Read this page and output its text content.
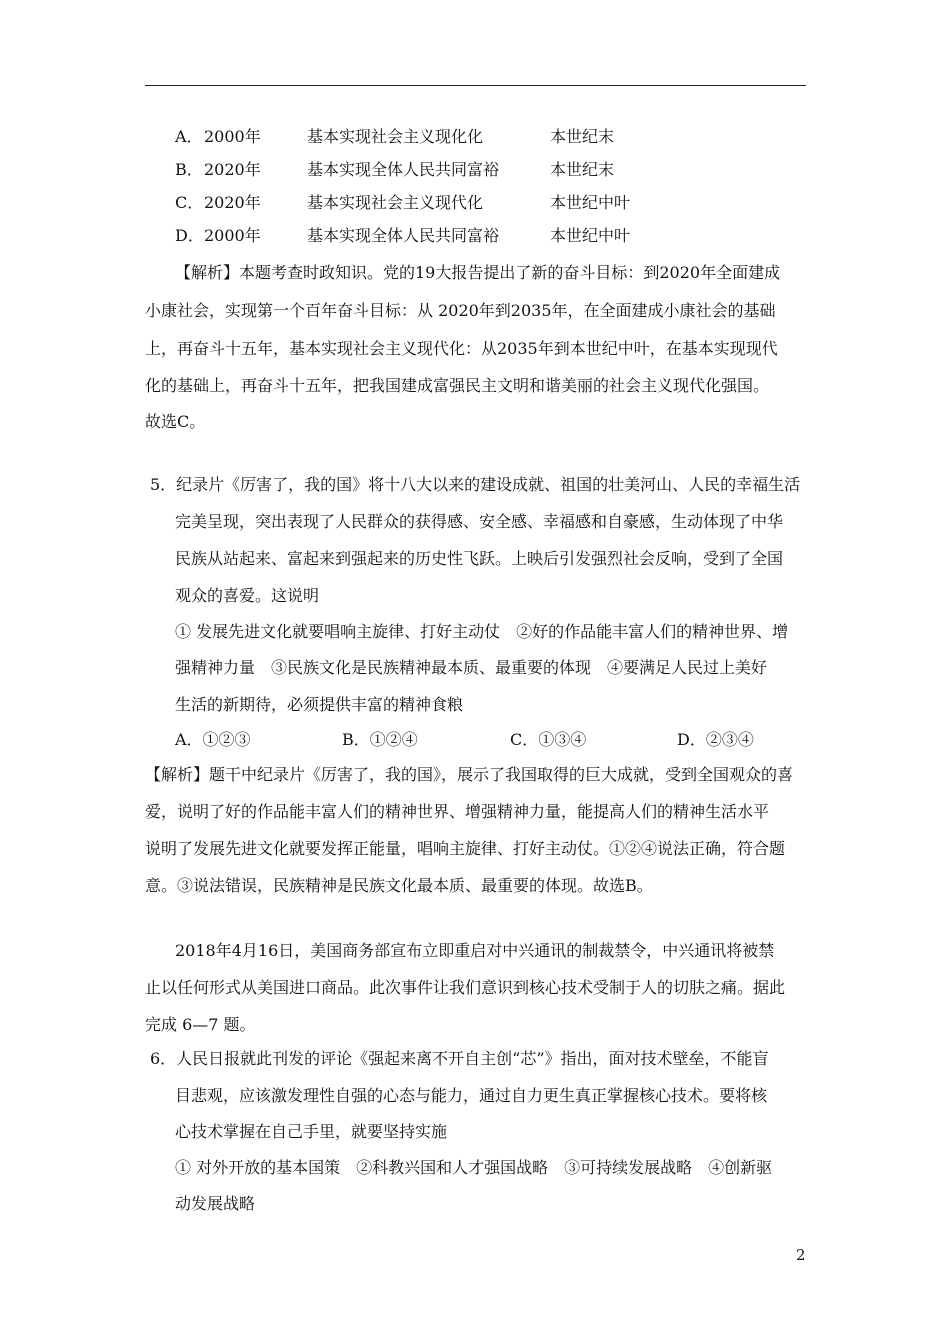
A． 2000年	基本实现社会主义现化化	本世纪末
B． 2020年	基本实现全体人民共同富裕	本世纪末
C． 2020年	基本实现社会主义现代化	本世纪中叶
D． 2000年	基本实现全体人民共同富裕	本世纪中叶
【解析】本题考查时政知识。党的19大报告提出了新的奋斗目标：到2020年全面建成
小康社会，实现第一个百年奋斗目标：从 2020年到2035年，在全面建成小康社会的基础
上，再奋斗十五年，基本实现社会主义现代化：从2035年到本世纪中叶，在基本实现现代
化的基础上，再奋斗十五年，把我国建成富强民主文明和谐美丽的社会主义现代化强国。
故选C。
5．纪录片《厉害了，我的国》将十八大以来的建设成就、祖国的壮美河山、人民的幸福生活
完美呈现，突出表现了人民群众的获得感、安全感、幸福感和自豪感，生动体现了中华
民族从站起来、富起来到强起来的历史性飞跃。上映后引发强烈社会反响，受到了全国
观众的喜爱。这说明
① 发展先进文化就要唱响主旋律、打好主动仗　②好的作品能丰富人们的精神世界、增
强精神力量　③民族文化是民族精神最本质、最重要的体现　④要满足人民过上美好
生活的新期待，必须提供丰富的精神食粮
A．①②③	B．①②④	C．①③④	D．②③④
【解析】题干中纪录片《厉害了，我的国》，展示了我国取得的巨大成就，受到全国观众的喜
爱，说明了好的作品能丰富人们的精神世界、增强精神力量，能提高人们的精神生活水平
说明了发展先进文化就要发挥正能量，唱响主旋律、打好主动仗。①②④说法正确，符合题
意。③说法错误，民族精神是民族文化最本质、最重要的体现。故选B。
2018年4月16日，美国商务部宣布立即重启对中兴通讯的制裁禁令，中兴通讯将被禁
止以任何形式从美国进口商品。此次事件让我们意识到核心技术受制于人的切肤之痛。据此
完成 6—7 题。
6．人民日报就此刊发的评论《强起来离不开自主创“芯”》指出，面对技术壁垒，不能盲
目悲观，应该激发理性自强的心态与能力，通过自力更生真正掌握核心技术。要将核
心技术掌握在自己手里，就要坚持实施
① 对外开放的基本国策　②科教兴国和人才强国战略　③可持续发展战略　④创新驱
动发展战略
2
